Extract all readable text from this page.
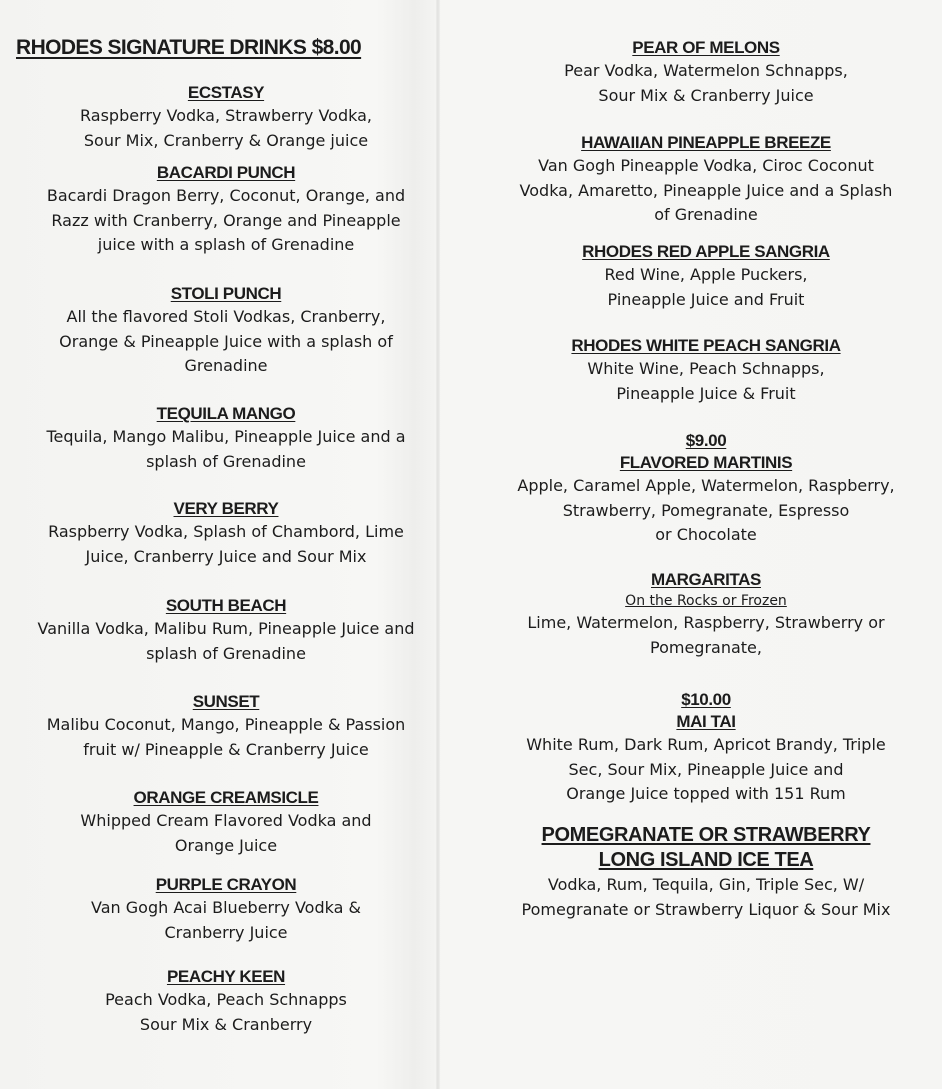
RHODES SIGNATURE DRINKS $8.00
ECSTASY
Raspberry Vodka, Strawberry Vodka,
Sour Mix, Cranberry & Orange juice
BACARDI PUNCH
Bacardi Dragon Berry, Coconut, Orange, and
Razz with Cranberry, Orange and Pineapple
juice with a splash of Grenadine
STOLI PUNCH
All the flavored Stoli Vodkas, Cranberry,
Orange & Pineapple Juice with a splash of
Grenadine
TEQUILA MANGO
Tequila, Mango Malibu, Pineapple Juice and a
splash of Grenadine
VERY BERRY
Raspberry Vodka, Splash of Chambord, Lime
Juice, Cranberry Juice and Sour Mix
SOUTH BEACH
Vanilla Vodka, Malibu Rum, Pineapple Juice and
splash of Grenadine
SUNSET
Malibu Coconut, Mango, Pineapple & Passion
fruit w/ Pineapple & Cranberry Juice
ORANGE CREAMSICLE
Whipped Cream Flavored Vodka and
Orange Juice
PURPLE CRAYON
Van Gogh Acai Blueberry Vodka &
Cranberry Juice
PEACHY KEEN
Peach Vodka, Peach Schnapps
Sour Mix & Cranberry
PEAR OF MELONS
Pear Vodka, Watermelon Schnapps,
Sour Mix & Cranberry Juice
HAWAIIAN PINEAPPLE BREEZE
Van Gogh Pineapple Vodka, Ciroc Coconut
Vodka, Amaretto, Pineapple Juice and a Splash
of Grenadine
RHODES RED APPLE SANGRIA
Red Wine, Apple Puckers,
Pineapple Juice and Fruit
RHODES WHITE PEACH SANGRIA
White Wine, Peach Schnapps,
Pineapple Juice & Fruit
$9.00
FLAVORED MARTINIS
Apple, Caramel Apple, Watermelon, Raspberry,
Strawberry, Pomegranate, Espresso
or Chocolate
MARGARITAS
On the Rocks or Frozen
Lime, Watermelon, Raspberry, Strawberry or
Pomegranate,
$10.00
MAI TAI
White Rum, Dark Rum, Apricot Brandy, Triple
Sec, Sour Mix, Pineapple Juice and
Orange Juice topped with 151 Rum
POMEGRANATE OR STRAWBERRY
LONG ISLAND ICE TEA
Vodka, Rum, Tequila, Gin, Triple Sec, W/
Pomegranate or Strawberry Liquor & Sour Mix
